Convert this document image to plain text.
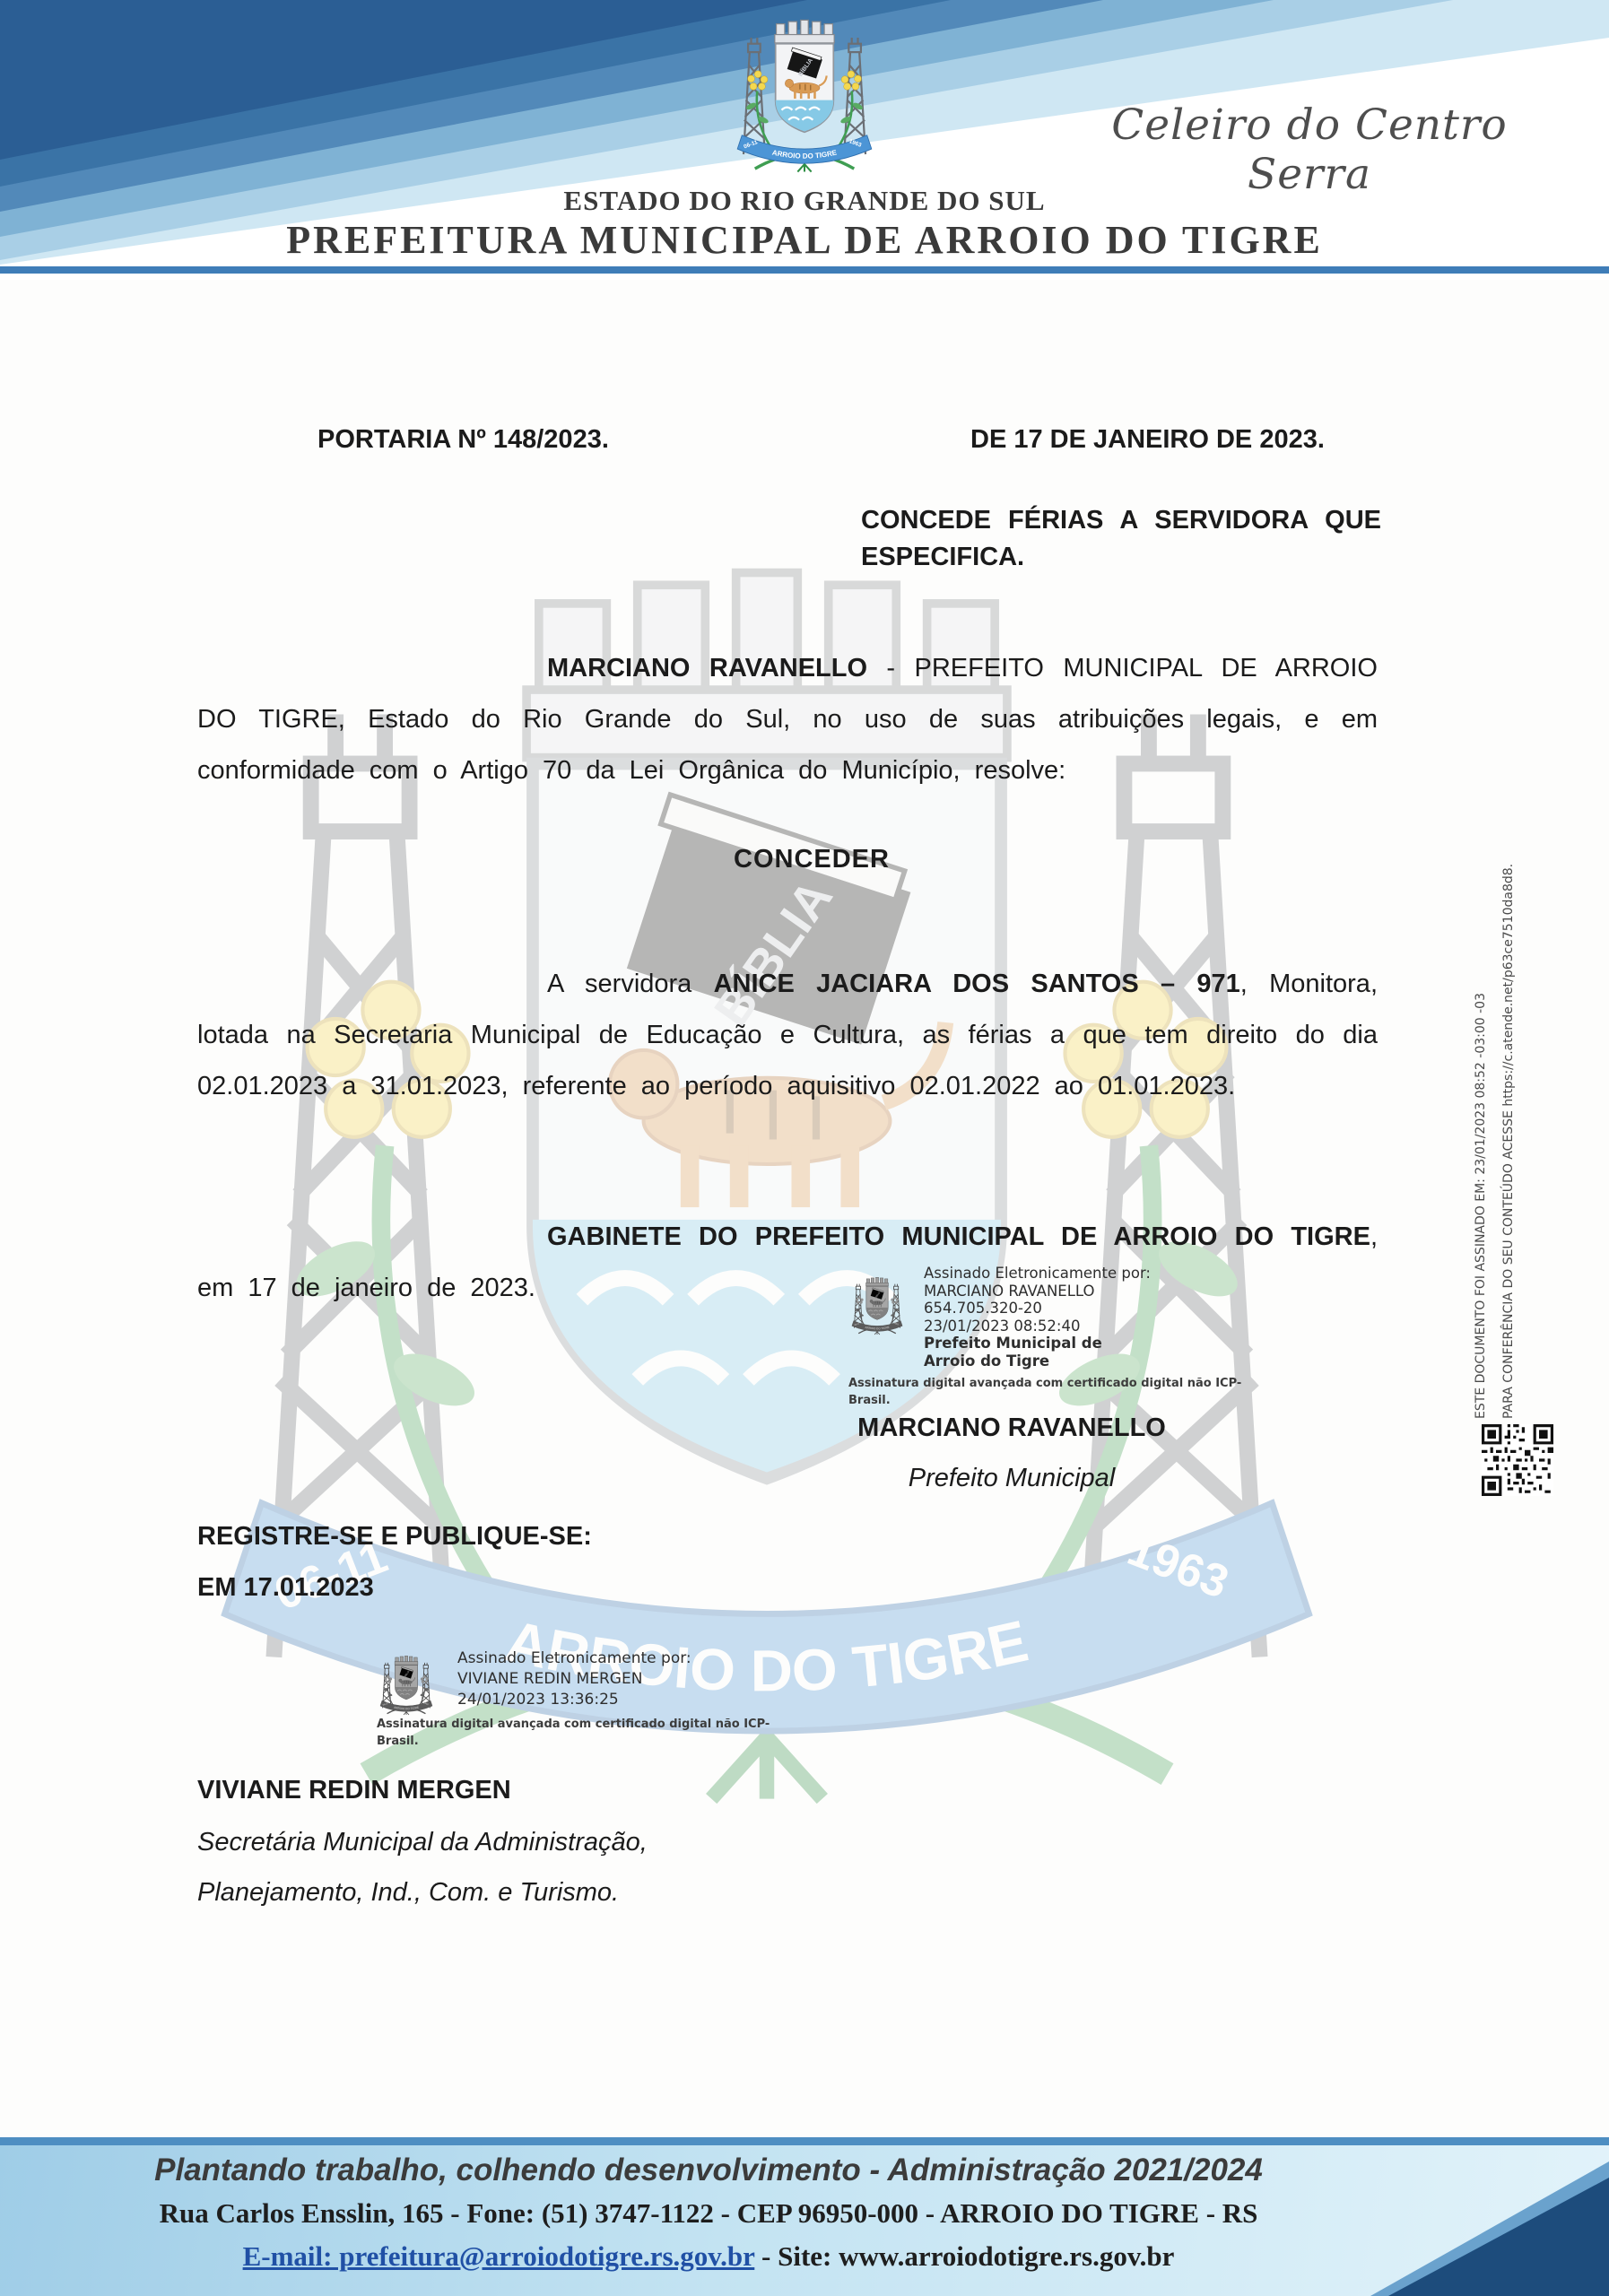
Celeiro do Centro Serra
ESTADO DO RIO GRANDE DO SUL
PREFEITURA MUNICIPAL DE ARROIO DO TIGRE
PORTARIA Nº 148/2023.	DE 17 DE JANEIRO DE 2023.
CONCEDE FÉRIAS A SERVIDORA QUE ESPECIFICA.

MARCIANO RAVANELLO - PREFEITO MUNICIPAL DE ARROIO DO TIGRE, Estado do Rio Grande do Sul, no uso de suas atribuições legais, e em conformidade com o Artigo 70 da Lei Orgânica do Município, resolve:

CONCEDER

A servidora ANICE JACIARA DOS SANTOS – 971, Monitora, lotada na Secretaria Municipal de Educação e Cultura, as férias a que tem direito do dia 02.01.2023 a 31.01.2023, referente ao período aquisitivo 02.01.2022 ao 01.01.2023.

GABINETE DO PREFEITO MUNICIPAL DE ARROIO DO TIGRE, em 17 de janeiro de 2023.

Assinado Eletronicamente por:
MARCIANO RAVANELLO
654.705.320-20
23/01/2023 08:52:40
Prefeito Municipal de
Arroio do Tigre
Assinatura digital avançada com certificado digital não ICP-Brasil.
MARCIANO RAVANELLO
Prefeito Municipal
REGISTRE-SE E PUBLIQUE-SE:
EM 17.01.2023
Assinado Eletronicamente por:
VIVIANE REDIN MERGEN
24/01/2023 13:36:25
Assinatura digital avançada com certificado digital não ICP-Brasil.
VIVIANE REDIN MERGEN
Secretária Municipal da Administração,
Planejamento, Ind., Com. e Turismo.
ESTE DOCUMENTO FOI ASSINADO EM: 23/01/2023 08:52 -03:00 -03 PARA CONFERÊNCIA DO SEU CONTEÚDO ACESSE https://c.atende.net/p63ce7510da8d8.
Plantando trabalho, colhendo desenvolvimento - Administração 2021/2024
Rua Carlos Ensslin, 165 - Fone: (51) 3747-1122 - CEP 96950-000 - ARROIO DO TIGRE - RS
E-mail: prefeitura@arroiodotigre.rs.gov.br - Site: www.arroiodotigre.rs.gov.br
